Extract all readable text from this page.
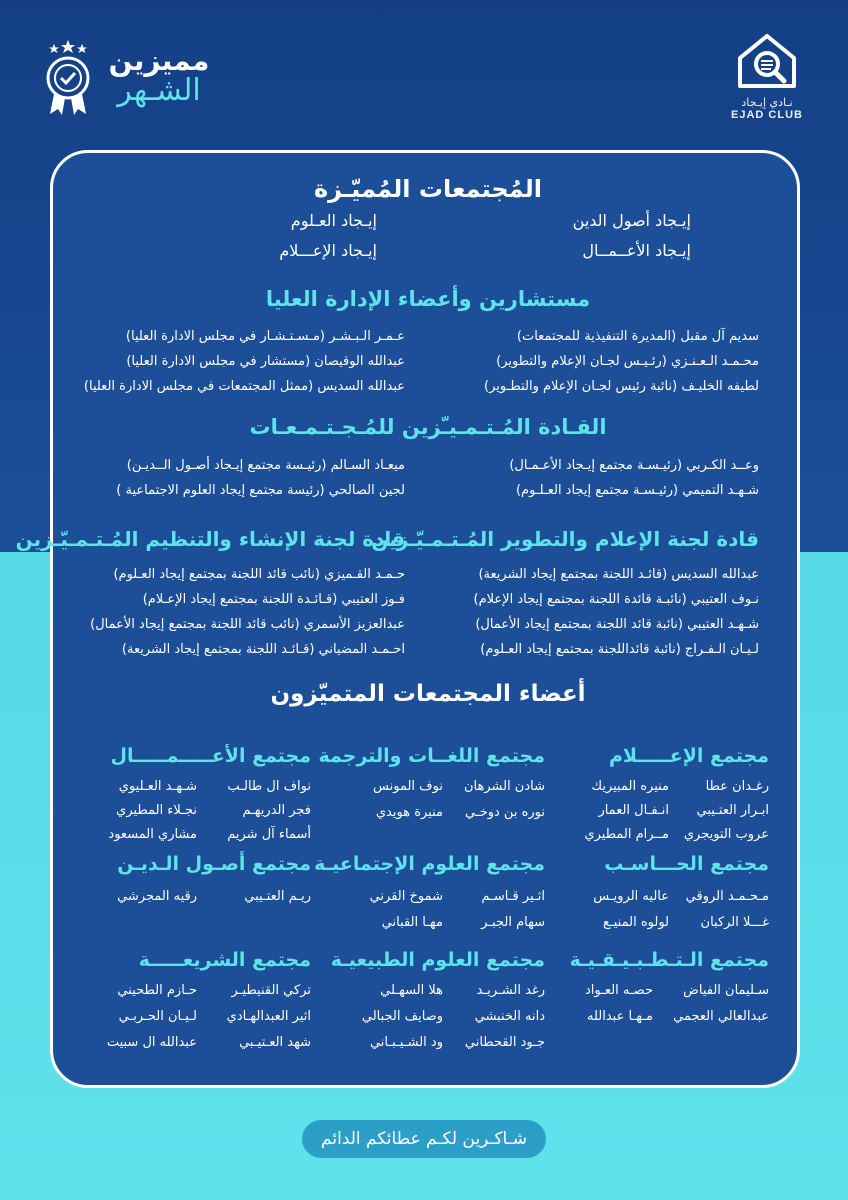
نـادي إيـجاد
EJAD CLUB
مميزين
الشـهر
المُجتمعات المُميّـزة
إيـجاد أصول الدين
إيـجاد العـلوم
إيـجاد الأعــمــال
إيـجاد الإعـــلام
مستشارين وأعضاء الإدارة العليا
سديم آل مقبل (المديرة التنفيذية للمجتمعات)
محـمـد الـعـنـزي (رئـيـس لجـان الإعلام والتطوير)
لطيفه الخليـف (نائبة رئيس لجـان الإعلام والتطـوير)
عـمـر الـبـشـر (مـسـتـشـار في مجلس الادارة العليا)
عبدالله الوقيصان (مستشار في مجلس الادارة العليا)
عبدالله السديس (ممثل المجتمعات في مجلس الادارة العليا)
القـادة المُـتـمـيـّزين للمُـجـتـمـعـات
وعــد الكـربي (رئيـسـة مجتمع إيـجاد الأعـمـال)
شـهـد التميمي (رئيـسـة مجتمع إيجاد العـلـوم)
ميعـاد السـالم (رئيـسة مجتمع إيـجاد أصـول الــديـن)
لجين الصالحي (رئيسة مجتمع إيجاد العلوم الاجتماعية )
قادة لجنة الإعلام والتطوير المُـتـمـيّـزين
عبدالله السديس (قائـد اللجنة بمجتمع إيجاد الشريعة)
نـوف العتيبي (نائبـة قائدة اللجنة بمجتمع إيجاد الإعلام)
شـهـد العتيبي (نائبة قائد اللجنة بمجتمع إيجاد الأعمال)
لـيـان الـفـراج (نائبة قائداللجنة بمجتمع إيجاد العـلوم)
قادة لجنة الإنشاء والتنظيم المُـتـمـيّـزين
حـمـد القـميزي (نائب قائد اللجنة بمجتمع إيجاد العـلوم)
فـوز العتيبي (قـائـدة اللجنة بمجتمع إيجاد الإعـلام)
عبدالعزيز الأسمري (نائب قائد اللجنة بمجتمع إيجاد الأعمال)
احـمـد المضياني (قـائـد اللجنة بمجتمع إيجاد الشريعة)
أعضاء المجتمعات المتميّزون
مجتمع الإعـــــلام
رغـدان عطا
منيره المبيريك
ابـرار العتـيبي
انـفـال العمار
عروب التويجري
مــرام المطيري
مجتمع اللغــات والترجمة
شادن الشرهان
نوف المونس
نوره بن دوخـي
منيرة هويدي
مجتمع الأعـــــمـــــال
نواف ال طالـب
شـهـد العـليوي
فجر الدريهـم
نجـلاء المطيري
أسماء آل شريم
مشاري المسعود
مجتمع الحـــاسـب
مـحـمـد الروقي
عاليه الرويـس
غـــلا الركبان
لولوه المنيـع
مجتمع العلوم الإجتماعيـة
اثـير قـاسـم
شموخ القرني
سهام الجبـر
مهـا القباني
مجتمع أصـول الـديـن
ريـم العتـيبي
رقيه المجرشي
مجتمع الـتـطـبـيـقـيـة
سـليمان الفياض
حصـه العـواد
عبدالعالي العجمي
مـهـا عبدالله
مجتمع العلوم الطبيعيـة
رغد الشـريـد
هلا السهـلي
دانه الخنبشي
وصايف الجبالي
جـود القحطاني
ود الشـيـبـاني
مجتمع الشريعـــــة
تركي القنيطيـر
حـازم الطحيني
اثير العبدالهـادي
لـيـان الحـربـي
شهد العـتيـبي
عبدالله ال سبيت
شـاكـرين لكـم عطائكم الدائم
